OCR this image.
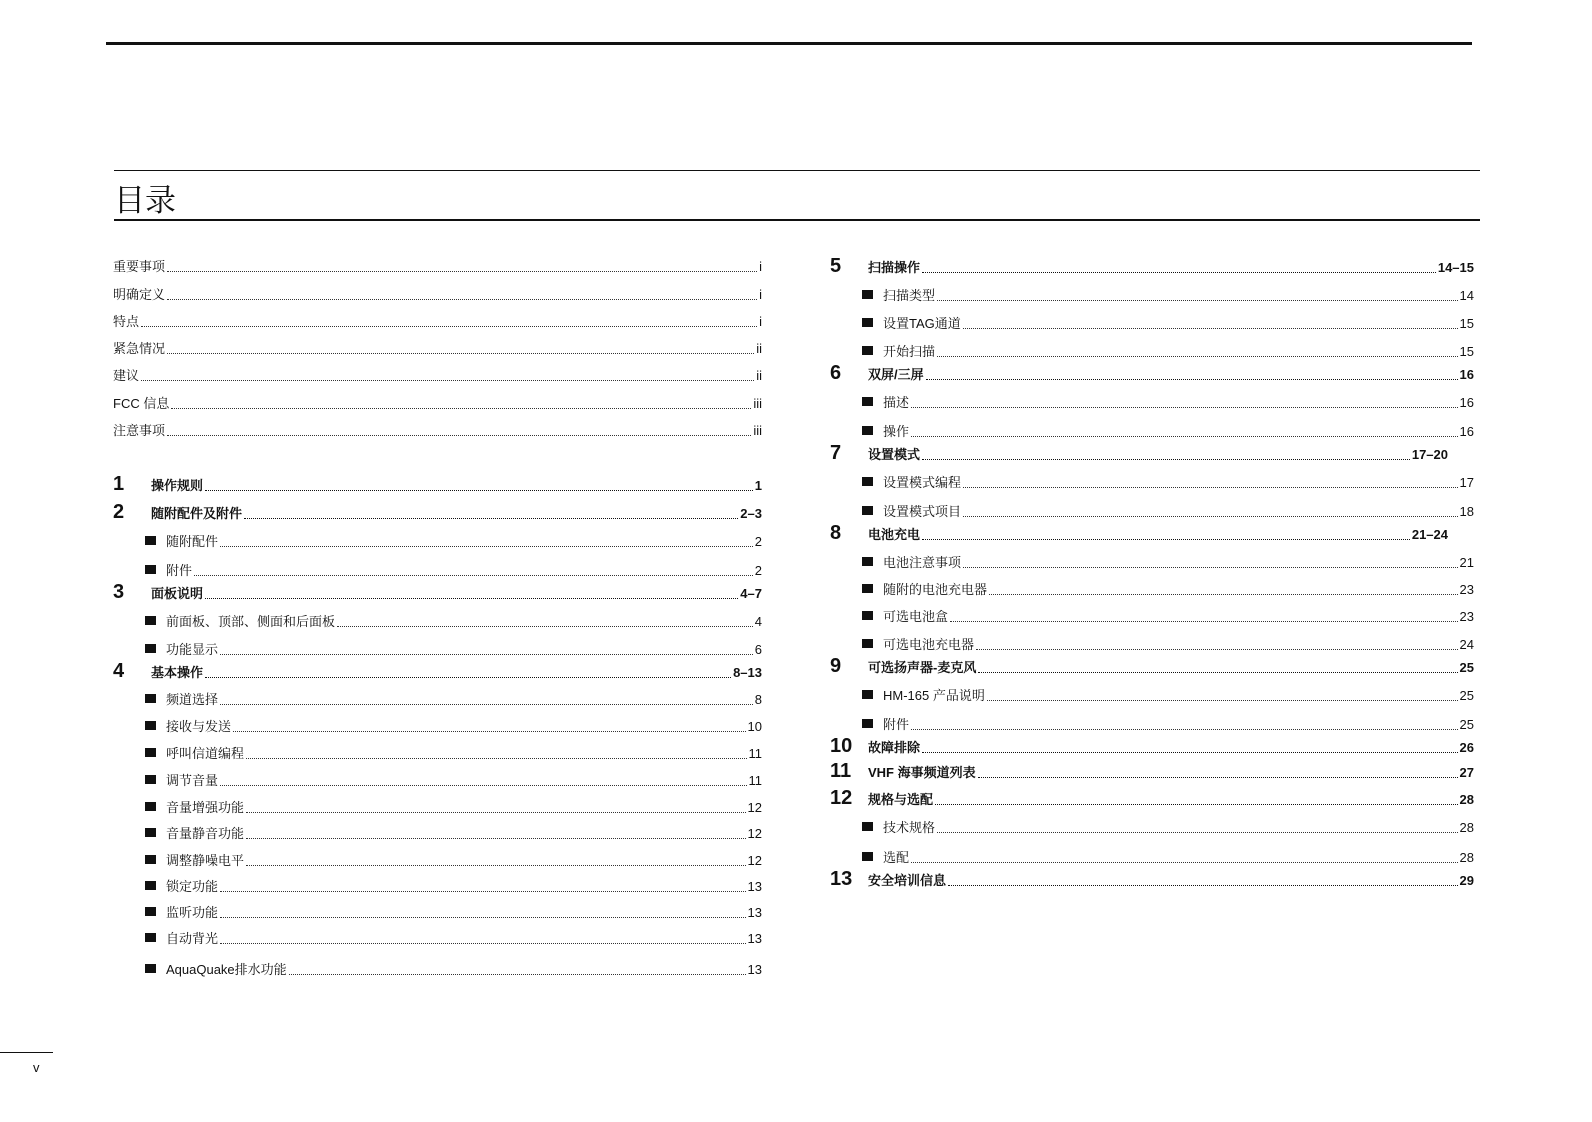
目录
重要事项	i
明确定义	i
特点	i
紧急情况	ii
建议	ii
FCC 信息	iii
注意事项	iii
1	操作规则	1
2	随附配件及附件	2–3
随附配件	2
附件	2
3	面板说明	4–7
前面板、顶部、侧面和后面板	4
功能显示	6
4	基本操作	8–13
频道选择	8
接收与发送	10
呼叫信道编程	11
调节音量	11
音量增强功能	12
音量静音功能	12
调整静噪电平	12
锁定功能	13
监听功能	13
自动背光	13
AquaQuake排水功能	13
5	扫描操作	14–15
扫描类型	14
设置TAG通道	15
开始扫描	15
6	双屏/三屏	16
描述	16
操作	16
7	设置模式	17–20
设置模式编程	17
设置模式项目	18
8	电池充电	21–24
电池注意事项	21
随附的电池充电器	23
可选电池盒	23
可选电池充电器	24
9	可选扬声器-麦克风	25
HM-165 产品说明	25
附件	25
10	故障排除	26
11	VHF 海事频道列表	27
12	规格与选配	28
技术规格	28
选配	28
13	安全培训信息	29
v
